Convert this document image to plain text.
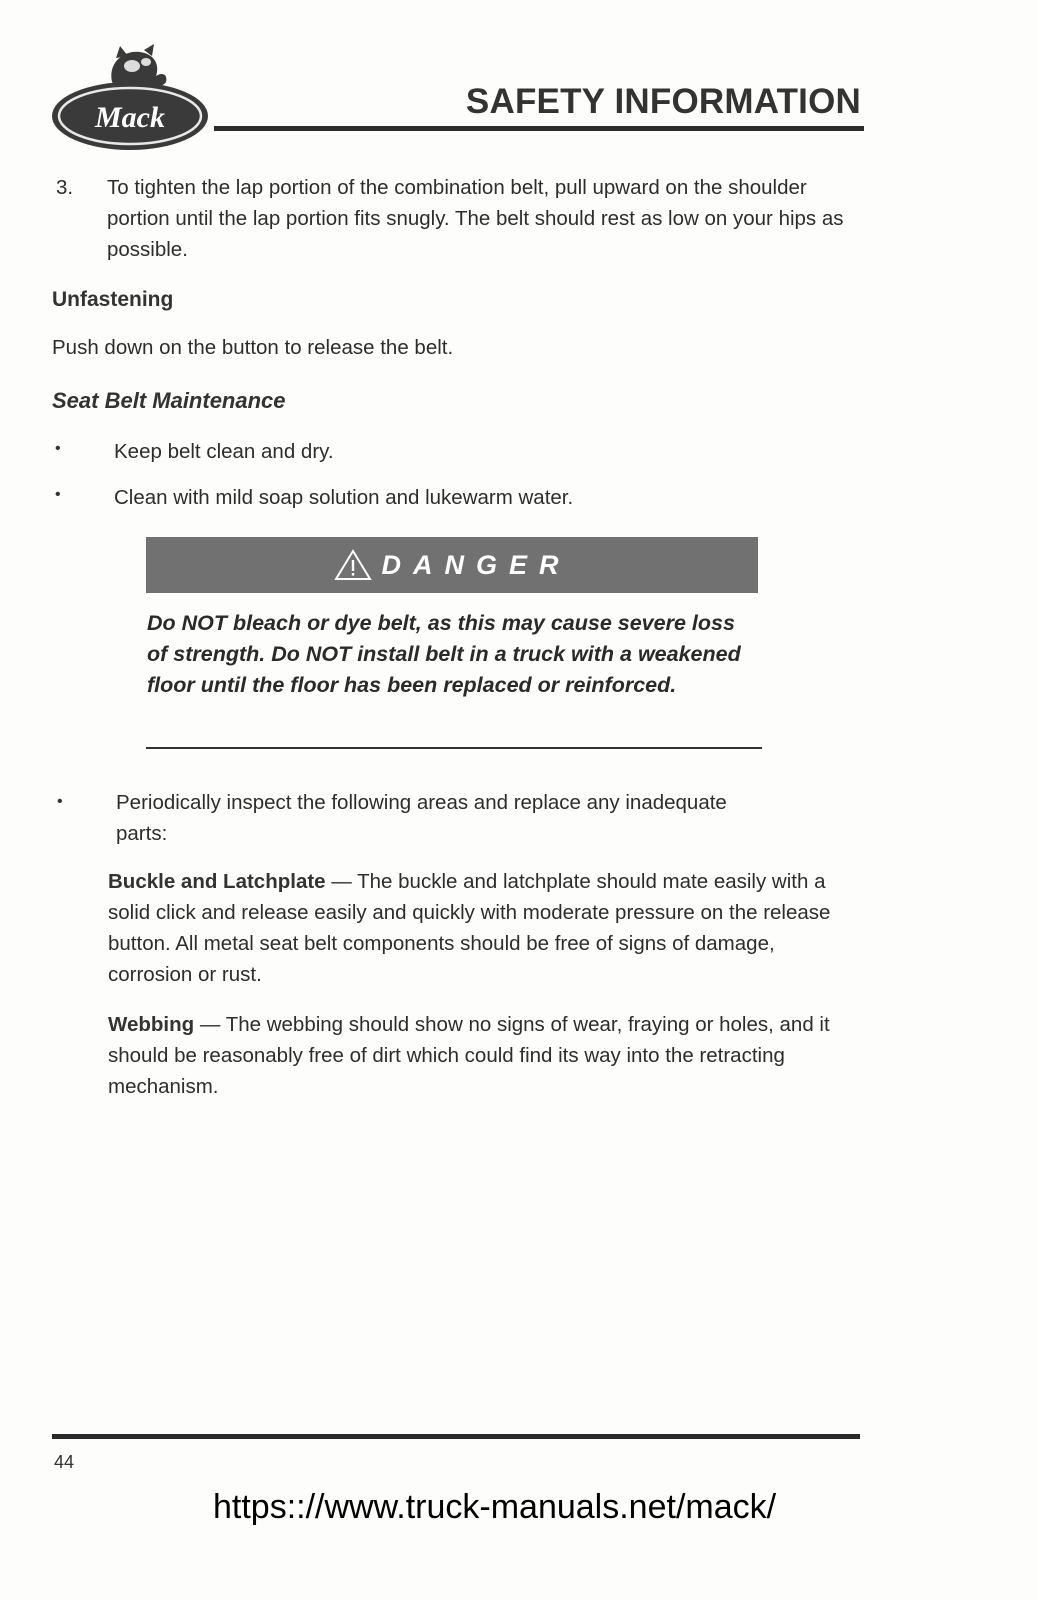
Mack	SAFETY INFORMATION
3. To tighten the lap portion of the combination belt, pull upward on the shoulder portion until the lap portion fits snugly. The belt should rest as low on your hips as possible.
Unfastening
Push down on the button to release the belt.
Seat Belt Maintenance
•	Keep belt clean and dry.
•	Clean with mild soap solution and lukewarm water.
DANGER
Do NOT bleach or dye belt, as this may cause severe loss of strength. Do NOT install belt in a truck with a weakened floor until the floor has been replaced or reinforced.
•	Periodically inspect the following areas and replace any inadequate parts:
Buckle and Latchplate — The buckle and latchplate should mate easily with a solid click and release easily and quickly with moderate pressure on the release button. All metal seat belt components should be free of signs of damage, corrosion or rust.
Webbing — The webbing should show no signs of wear, fraying or holes, and it should be reasonably free of dirt which could find its way into the retracting mechanism.
44
https:://www.truck-manuals.net/mack/
